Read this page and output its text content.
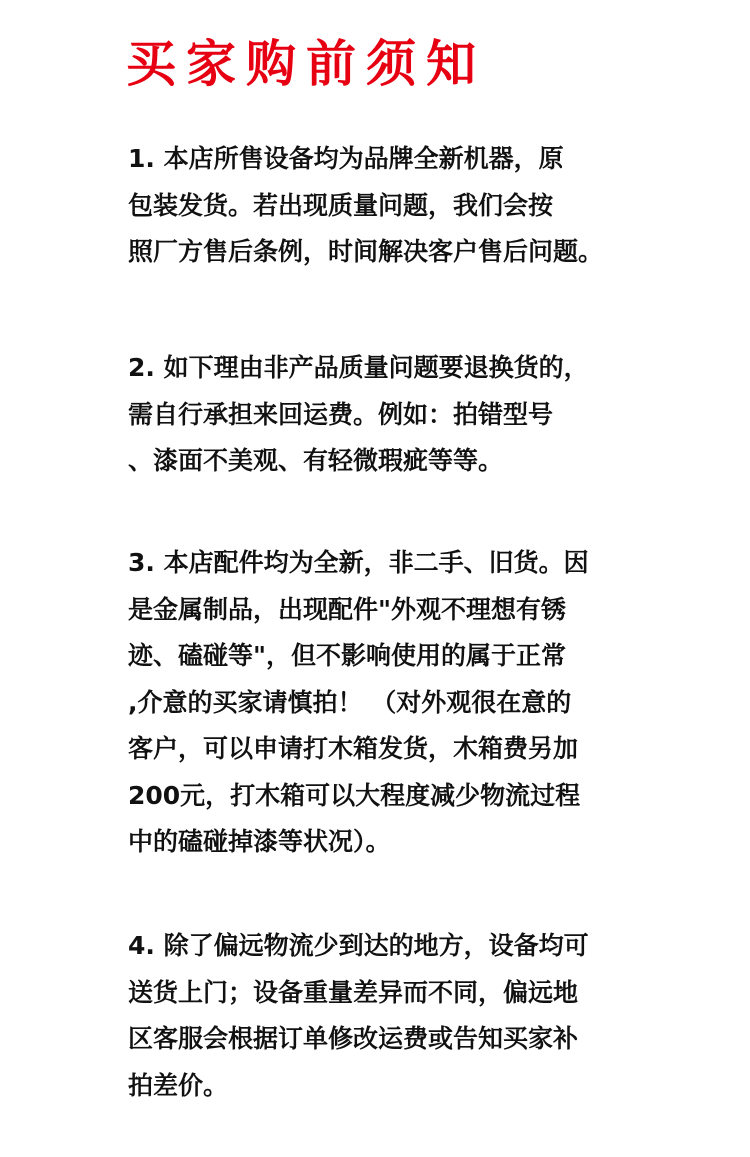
买家购前须知
1. 本店所售设备均为品牌全新机器，原
包装发货。若出现质量问题，我们会按
照厂方售后条例，时间解决客户售后问题。
2. 如下理由非产品质量问题要退换货的，
需自行承担来回运费。例如：拍错型号
、漆面不美观、有轻微瑕疵等等。
3. 本店配件均为全新，非二手、旧货。因
是金属制品，出现配件"外观不理想有锈
迹、磕碰等"，但不影响使用的属于正常
,介意的买家请慎拍！ （对外观很在意的
客户，可以申请打木箱发货，木箱费另加
200元，打木箱可以大程度减少物流过程
中的磕碰掉漆等状况）。
4. 除了偏远物流少到达的地方，设备均可
送货上门；设备重量差异而不同，偏远地
区客服会根据订单修改运费或告知买家补
拍差价。
